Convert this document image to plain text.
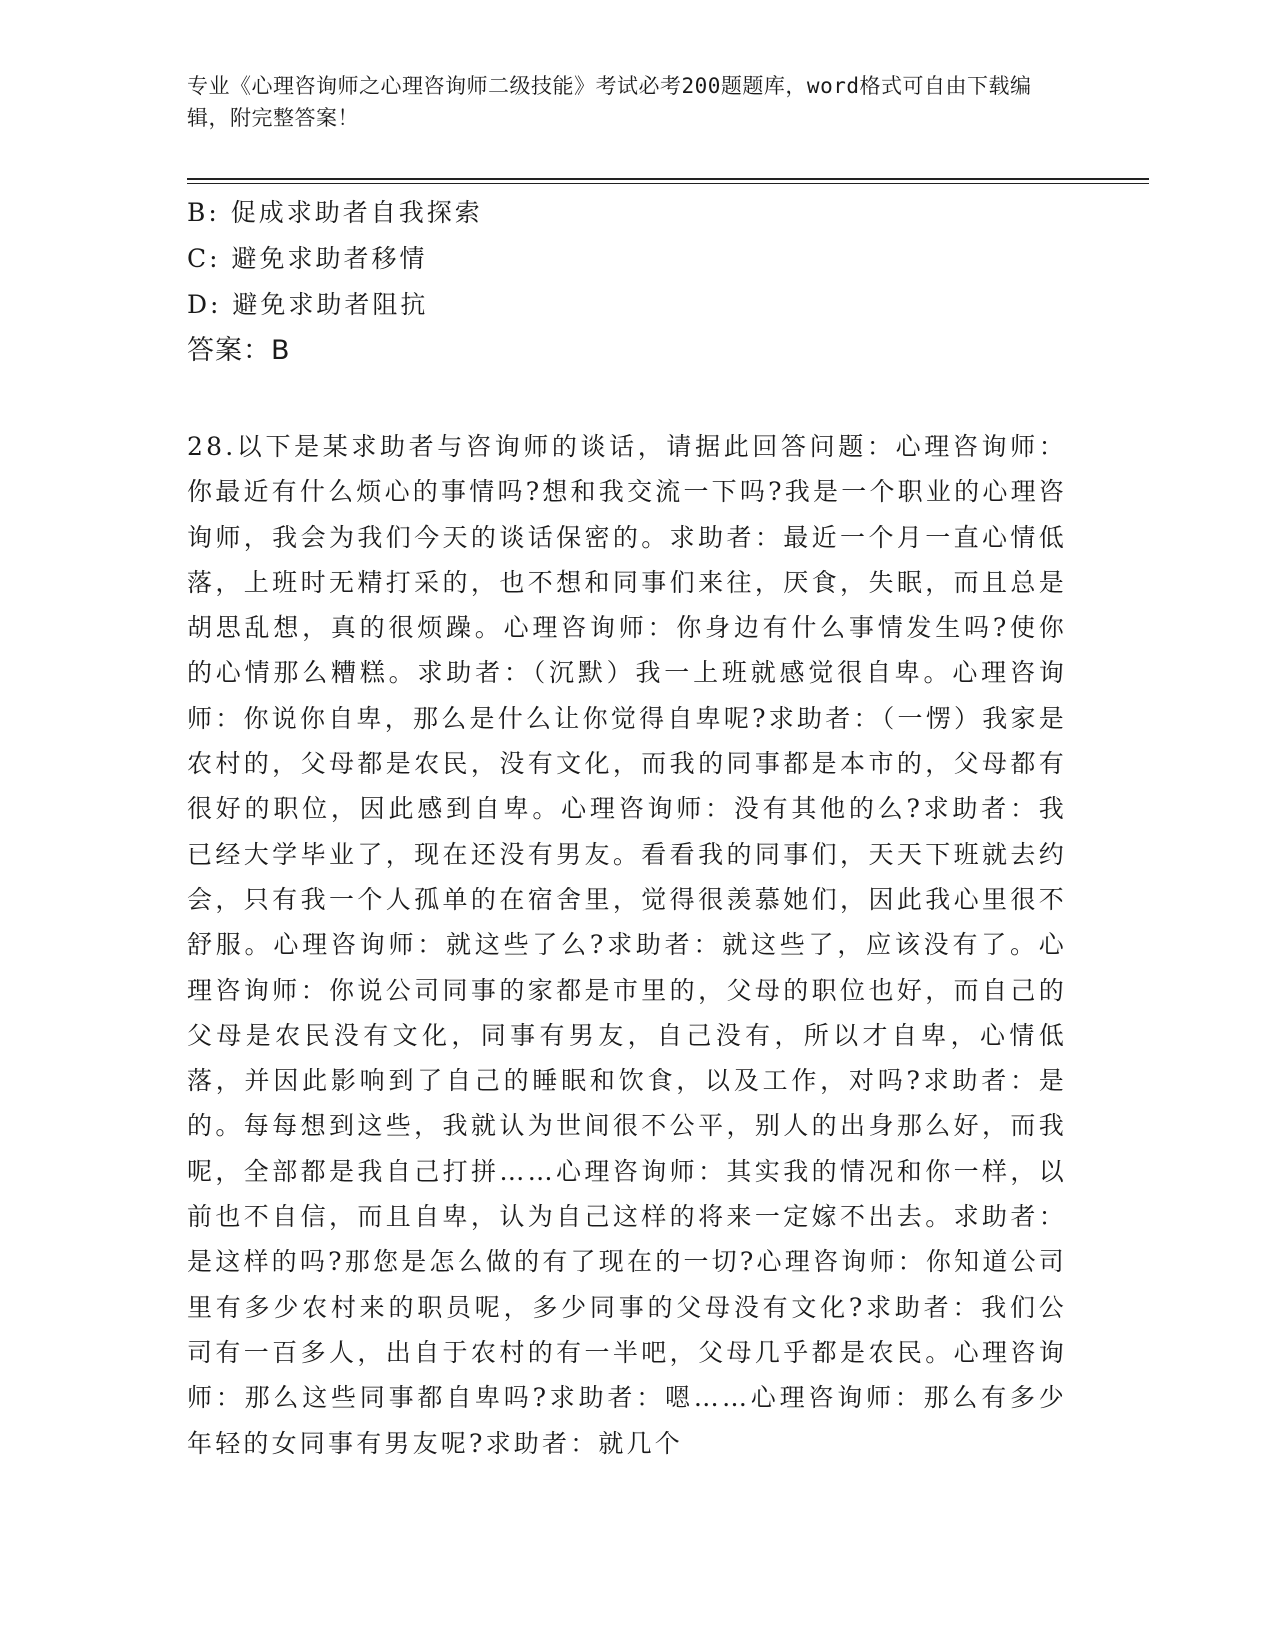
专业《心理咨询师之心理咨询师二级技能》考试必考200题题库，word格式可自由下载编辑，附完整答案！

B: 促成求助者自我探索

C: 避免求助者移情

D: 避免求助者阻抗

答案：B

28.以下是某求助者与咨询师的谈话，请据此回答问题：心理咨询师：你最近有什么烦心的事情吗?想和我交流一下吗?我是一个职业的心理咨询师，我会为我们今天的谈话保密的。求助者：最近一个月一直心情低落，上班时无精打采的，也不想和同事们来往，厌食，失眠，而且总是胡思乱想，真的很烦躁。心理咨询师：你身边有什么事情发生吗?使你的心情那么糟糕。求助者：（沉默）我一上班就感觉很自卑。心理咨询师：你说你自卑，那么是什么让你觉得自卑呢?求助者：（一愣）我家是农村的，父母都是农民，没有文化，而我的同事都是本市的，父母都有很好的职位，因此感到自卑。心理咨询师：没有其他的么?求助者：我已经大学毕业了，现在还没有男友。看看我的同事们，天天下班就去约会，只有我一个人孤单的在宿舍里，觉得很羡慕她们，因此我心里很不舒服。心理咨询师：就这些了么?求助者：就这些了，应该没有了。心理咨询师：你说公司同事的家都是市里的，父母的职位也好，而自己的父母是农民没有文化，同事有男友，自己没有，所以才自卑，心情低落，并因此影响到了自己的睡眠和饮食，以及工作，对吗?求助者：是的。每每想到这些，我就认为世间很不公平，别人的出身那么好，而我呢，全部都是我自己打拼……心理咨询师：其实我的情况和你一样，以前也不自信，而且自卑，认为自己这样的将来一定嫁不出去。求助者：是这样的吗?那您是怎么做的有了现在的一切?心理咨询师：你知道公司里有多少农村来的职员呢，多少同事的父母没有文化?求助者：我们公司有一百多人，出自于农村的有一半吧，父母几乎都是农民。心理咨询师：那么这些同事都自卑吗?求助者：嗯……心理咨询师：那么有多少年轻的女同事有男友呢?求助者：就几个
